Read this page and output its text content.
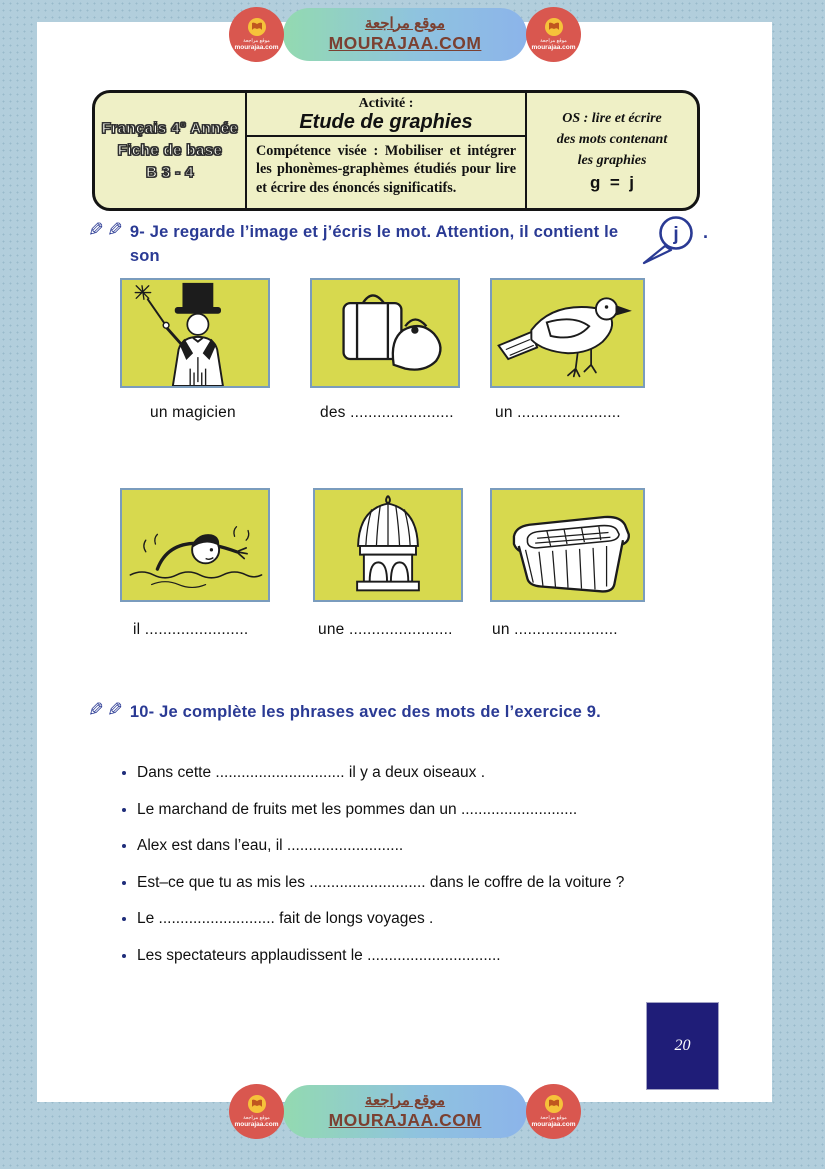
موقع مراجعة
mourajaa.com
موقع مراجعة
MOURAJAA.COM	موقع مراجعة
mourajaa.com
Français 4° Année
Fiche de base
B 3 - 4
Activité :
Etude de graphies
Compétence visée : Mobiliser et intégrer les phonèmes-graphèmes étudiés pour lire et écrire des énoncés significatifs.
OS : lire et écrire
des mots contenant
les graphies
g  =  j
✎ ✎ 9- Je regarde l’image et j’écris le mot. Attention, il contient le son
j .
un magicien	des .......................	un .......................
il .......................	une .......................	un .......................
✎ ✎ 10- Je complète les phrases avec des mots de l’exercice 9.
• Dans cette .............................. il y a deux oiseaux .
• Le marchand de fruits met les pommes dan un ...........................
• Alex est dans l’eau, il ...........................
• Est–ce que tu as mis les ........................... dans le coffre de la voiture ?
• Le ........................... fait de longs voyages .
• Les spectateurs applaudissent le ...............................
20
موقع مراجعة
mourajaa.com
موقع مراجعة
MOURAJAA.COM	موقع مراجعة
mourajaa.com
